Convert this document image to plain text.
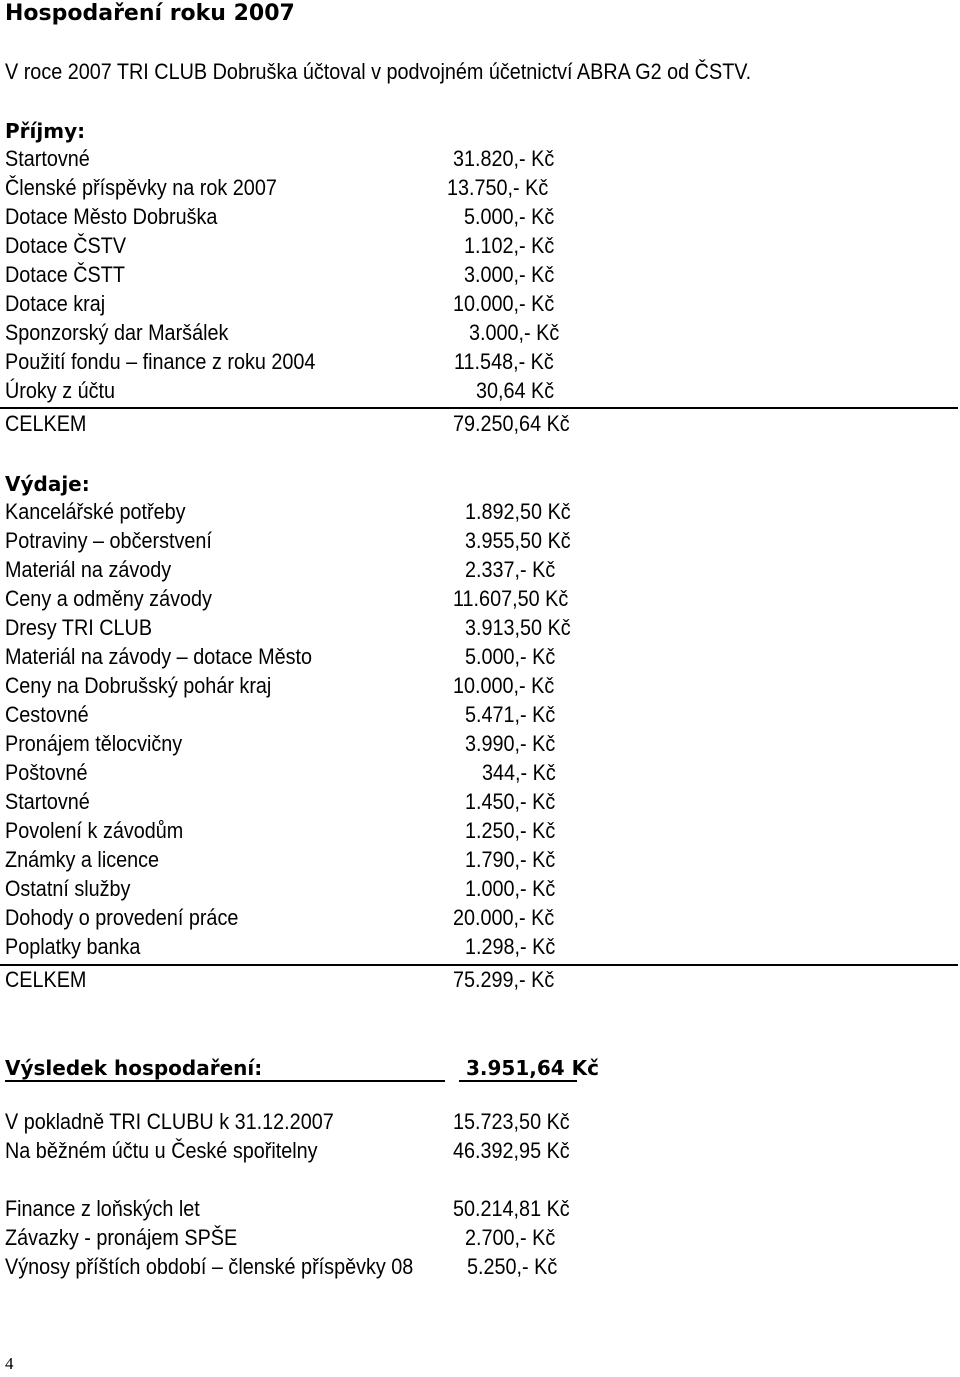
Hospodaření roku 2007
V roce 2007 TRI CLUB Dobruška účtoval v podvojném účetnictví ABRA G2 od ČSTV.
Příjmy:
Startovné	31.820,- Kč
Členské příspěvky na rok 2007	13.750,- Kč
Dotace Město Dobruška	5.000,- Kč
Dotace ČSTV	1.102,- Kč
Dotace ČSTT	3.000,- Kč
Dotace kraj	10.000,- Kč
Sponzorský dar Maršálek	3.000,- Kč
Použití fondu – finance z roku 2004	11.548,- Kč
Úroky z účtu	30,64 Kč
CELKEM	79.250,64 Kč
Výdaje:
Kancelářské potřeby	1.892,50 Kč
Potraviny – občerstvení	3.955,50 Kč
Materiál na závody	2.337,- Kč
Ceny a odměny závody	11.607,50 Kč
Dresy TRI CLUB	3.913,50 Kč
Materiál na závody – dotace Město	5.000,- Kč
Ceny na Dobrušský pohár kraj	10.000,- Kč
Cestovné	5.471,- Kč
Pronájem tělocvičny	3.990,- Kč
Poštovné	344,- Kč
Startovné	1.450,- Kč
Povolení k závodům	1.250,- Kč
Známky a licence	1.790,- Kč
Ostatní služby	1.000,- Kč
Dohody o provedení práce	20.000,- Kč
Poplatky banka	1.298,- Kč
CELKEM	75.299,- Kč
Výsledek hospodaření:	3.951,64 Kč
V pokladně TRI CLUBU k 31.12.2007	15.723,50 Kč
Na běžném účtu u České spořitelny	46.392,95 Kč
Finance z loňských let	50.214,81 Kč
Závazky - pronájem SPŠE	2.700,- Kč
Výnosy příštích období – členské příspěvky 08 5.250,- Kč
4
